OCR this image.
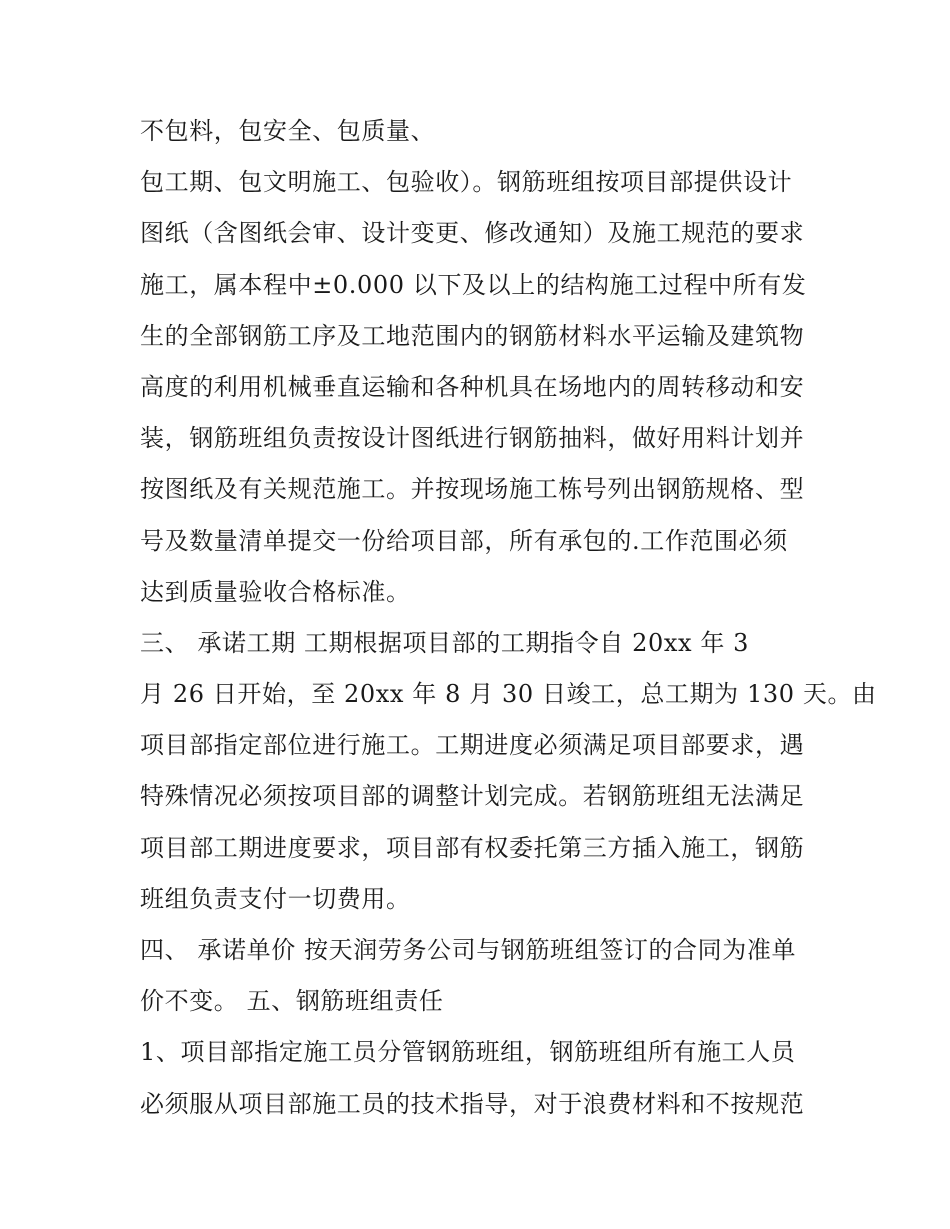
不包料，包安全、包质量、
包工期、包文明施工、包验收）。钢筋班组按项目部提供设计
图纸（含图纸会审、设计变更、修改通知）及施工规范的要求
施工，属本程中±0.000 以下及以上的结构施工过程中所有发
生的全部钢筋工序及工地范围内的钢筋材料水平运输及建筑物
高度的利用机械垂直运输和各种机具在场地内的周转移动和安
装，钢筋班组负责按设计图纸进行钢筋抽料，做好用料计划并
按图纸及有关规范施工。并按现场施工栋号列出钢筋规格、型
号及数量清单提交一份给项目部，所有承包的.工作范围必须
达到质量验收合格标准。
三、 承诺工期 工期根据项目部的工期指令自 20xx 年 3
月 26 日开始，至 20xx 年 8 月 30 日竣工，总工期为 130 天。由
项目部指定部位进行施工。工期进度必须满足项目部要求，遇
特殊情况必须按项目部的调整计划完成。若钢筋班组无法满足
项目部工期进度要求，项目部有权委托第三方插入施工，钢筋
班组负责支付一切费用。
四、 承诺单价 按天润劳务公司与钢筋班组签订的合同为准单
价不变。 五、钢筋班组责任
1、项目部指定施工员分管钢筋班组，钢筋班组所有施工人员
必须服从项目部施工员的技术指导，对于浪费材料和不按规范
